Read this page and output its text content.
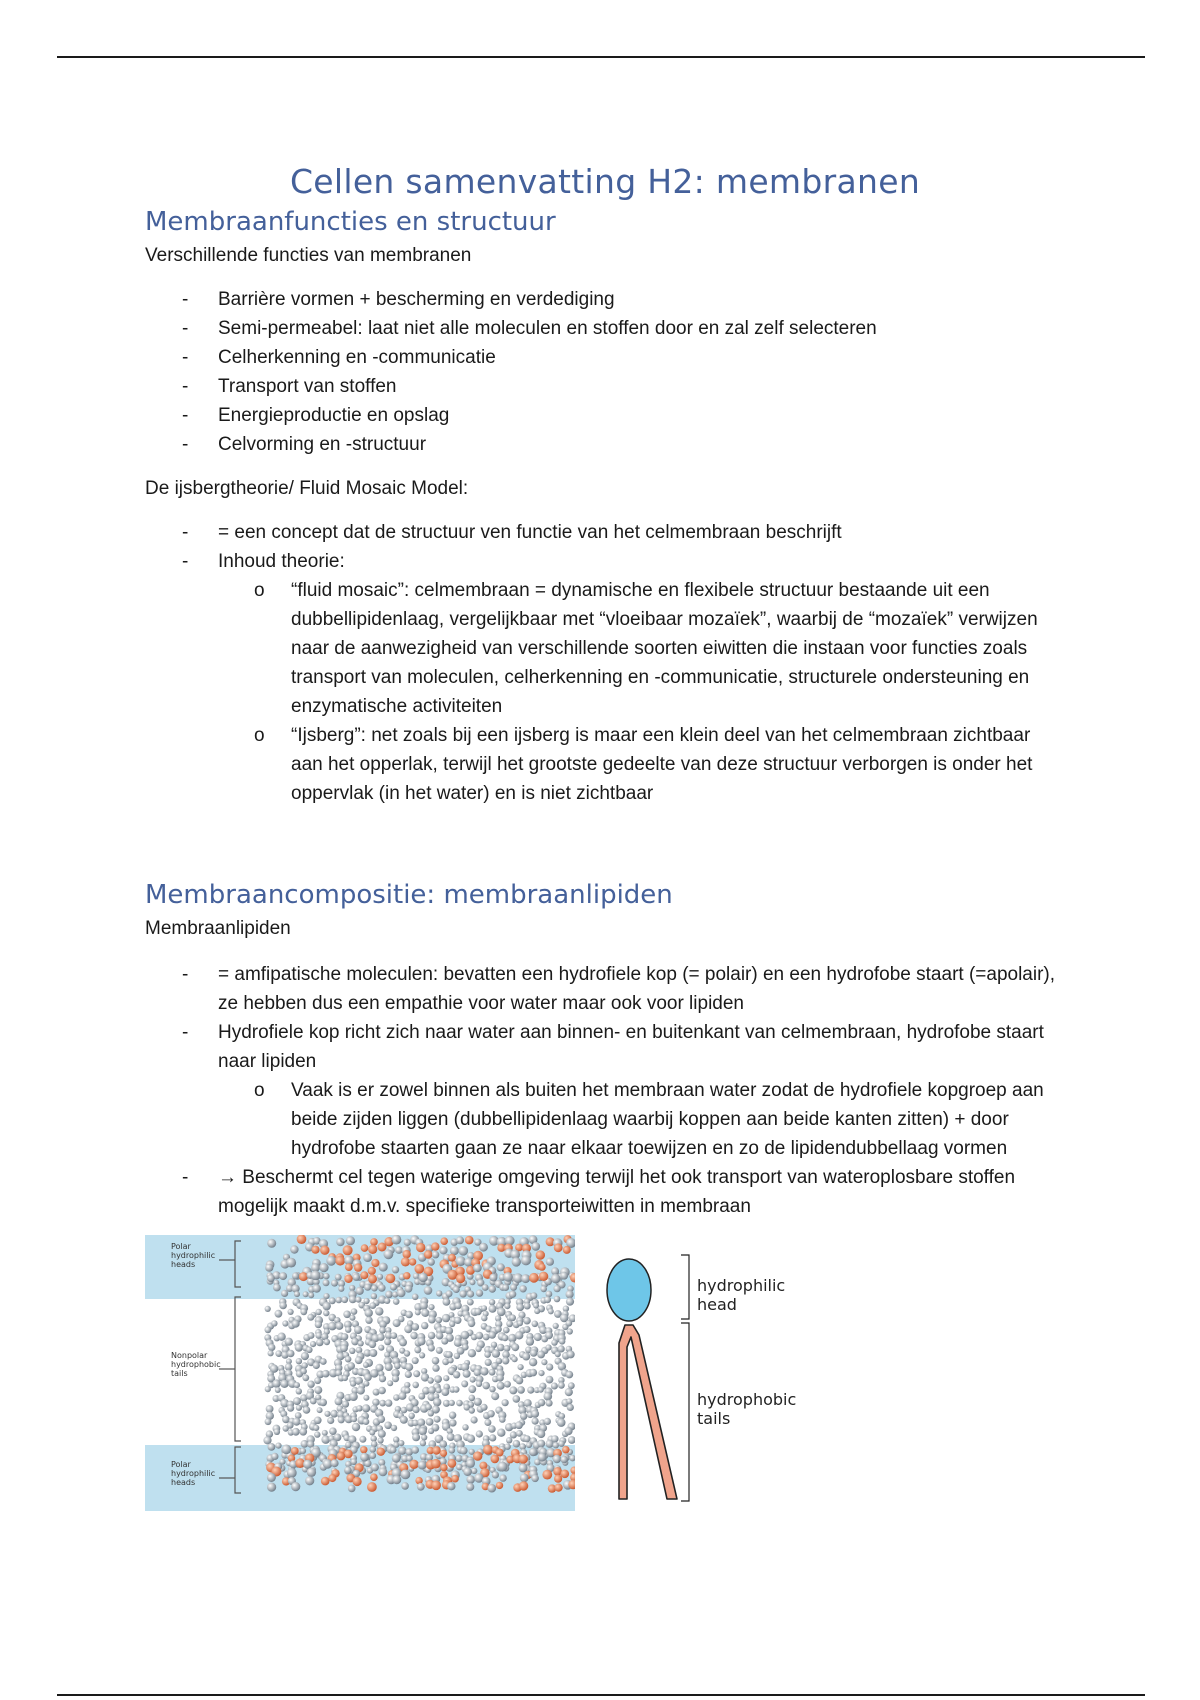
Cellen samenvatting H2: membranen
Membraanfuncties en structuur

Verschillende functies van membranen

- Barrière vormen + bescherming en verdediging
- Semi-permeabel: laat niet alle moleculen en stoffen door en zal zelf selecteren
- Celherkenning en -communicatie
- Transport van stoffen
- Energieproductie en opslag
- Celvorming en -structuur

De ijsbergtheorie/ Fluid Mosaic Model:

- = een concept dat de structuur ven functie van het celmembraan beschrijft
- Inhoud theorie:
o “fluid mosaic”: celmembraan = dynamische en flexibele structuur bestaande uit een dubbellipidenlaag, vergelijkbaar met “vloeibaar mozaïek”, waarbij de “mozaïek” verwijzen naar de aanwezigheid van verschillende soorten eiwitten die instaan voor functies zoals transport van moleculen, celherkenning en -communicatie, structurele ondersteuning en enzymatische activiteiten
o “Ijsberg”: net zoals bij een ijsberg is maar een klein deel van het celmembraan zichtbaar aan het opperlak, terwijl het grootste gedeelte van deze structuur verborgen is onder het oppervlak (in het water) en is niet zichtbaar
Membraancompositie: membraanlipiden

Membraanlipiden

- = amfipatische moleculen: bevatten een hydrofiele kop (= polair) en een hydrofobe staart (=apolair), ze hebben dus een empathie voor water maar ook voor lipiden
- Hydrofiele kop richt zich naar water aan binnen- en buitenkant van celmembraan, hydrofobe staart naar lipiden
o Vaak is er zowel binnen als buiten het membraan water zodat de hydrofiele kopgroep aan beide zijden liggen (dubbellipidenlaag waarbij koppen aan beide kanten zitten) + door hydrofobe staarten gaan ze naar elkaar toewijzen en zo de lipidendubbellaag vormen
- → Beschermt cel tegen waterige omgeving terwijl het ook transport van wateroplosbare stoffen mogelijk maakt d.m.v. specifieke transporteiwitten in membraan
Polar
hydrophilic
heads
Nonpolar
hydrophobic
tails
Polar
hydrophilic
heads
hydrophilic
head
hydrophobic
tails
